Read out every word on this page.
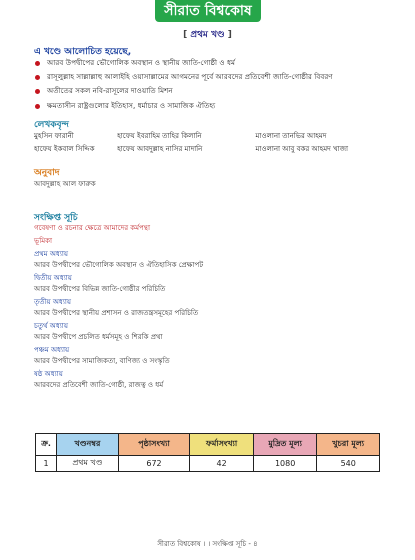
সীরাত বিশ্বকোষ
[ প্রথম খণ্ড ]
এ খণ্ডে আলোচিত হয়েছে,
আরব উপদ্বীপের ভৌগোলিক অবস্থান ও স্থানীয় জাতি-গোষ্ঠী ও ধর্ম
রাসূলুল্লাহ সাল্লাল্লাহু আলাইহি ওয়াসাল্লামের আগমনের পূর্বে আরবদের প্রতিবেশী জাতি-গোষ্ঠীর বিবরণ
অতীতের সকল নবি-রাসূলের দাওয়াতি মিশন
ক্ষমতাসীন রাষ্ট্রগুলোর ইতিহাস, ধর্মাচার ও সামাজিক ঐতিহ্য
লেখকবৃন্দ
মুহসিন ফারানী	হাফেয ইবরাহিম তাহির কিলানি	মাওলানা তানভির আহমদ
হাফেয ইকবাল সিদ্দিক	হাফেয আবদুল্লাহ নাসির মাদানি	মাওলানা আবু বকর আহমদ খাজা
অনুবাদ
আবদুল্লাহ আল ফারুক
সংক্ষিপ্ত সূচি
গবেষণা ও রচনার ক্ষেত্রে আমাদের কর্মপন্থা
ভূমিকা
প্রথম অধ্যায়
আরব উপদ্বীপের ভৌগোলিক অবস্থান ও ঐতিহাসিক প্রেক্ষাপট
দ্বিতীয় অধ্যায়
আরব উপদ্বীপের বিভিন্ন জাতি-গোষ্ঠীর পরিচিতি
তৃতীয় অধ্যায়
আরব উপদ্বীপের স্থানীয় প্রশাসন ও রাজতন্ত্রসমূহের পরিচিতি
চতুর্থ অধ্যায়
আরব উপদ্বীপে প্রচলিত ধর্মসমূহ ও শিরকি প্রথা
পঞ্চম অধ্যায়
আরব উপদ্বীপের সামাজিকতা, বাণিজ্য ও সংস্কৃতি
ষষ্ঠ অধ্যায়
আরবদের প্রতিবেশী জাতি-গোষ্ঠী, রাজত্ব ও ধর্ম
ক্র.	খণ্ডনম্বর	পৃষ্ঠাসংখ্যা	ফর্মাসংখ্যা	মুদ্রিত মূল্য	খুচরা মূল্য
1	প্রথম খণ্ড	672	42	1080	540
সীরাত বিশ্বকোষ । । সংক্ষিপ্ত সূচি - ৪
